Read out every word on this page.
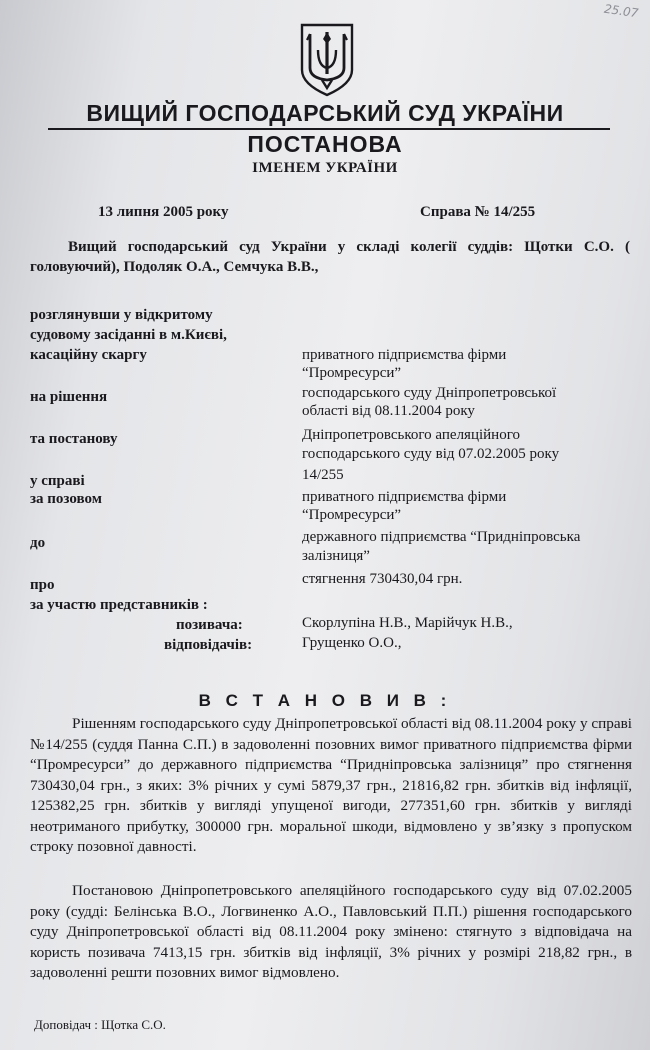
25.07
ВИЩИЙ ГОСПОДАРСЬКИЙ СУД УКРАЇНИ
ПОСТАНОВА
ІМЕНЕМ УКРАЇНИ
13 липня 2005 року	Справа № 14/255
Вищий господарський суд України у складі колегії суддів: Щотки С.О. ( головуючий), Подоляк О.А., Семчука В.В.,
розглянувши у відкритому
судовому засіданні в м.Києві,
касаційну скаргу	приватного підприємства фірми
“Промресурси”
на рішення	господарського суду Дніпропетровської
області від 08.11.2004 року
та постанову	Дніпропетровського апеляційного
господарського суду від 07.02.2005 року
у справі	14/255
за позовом	приватного підприємства фірми
“Промресурси”
до	державного підприємства “Придніпровська
залізниця”
про	стягнення 730430,04 грн.
за участю представників :
позивача:	Скорлупіна Н.В., Марійчук Н.В.,
відповідачів:	Грущенко О.О.,
В С Т А Н О В И В :
Рішенням господарського суду Дніпропетровської області від 08.11.2004 року у справі №14/255 (суддя Панна С.П.) в задоволенні позовних вимог приватного підприємства фірми “Промресурси” до державного підприємства “Придніпровська залізниця” про стягнення 730430,04 грн., з яких: 3% річних у сумі 5879,37 грн., 21816,82 грн. збитків від інфляції, 125382,25 грн. збитків у вигляді упущеної вигоди, 277351,60 грн. збитків у вигляді неотриманого прибутку, 300000 грн. моральної шкоди, відмовлено у зв’язку з пропуском строку позовної давності.
Постановою Дніпропетровського апеляційного господарського суду від 07.02.2005 року (судді: Белінська В.О., Логвиненко А.О., Павловський П.П.) рішення господарського суду Дніпропетровської області від 08.11.2004 року змінено: стягнуто з відповідача на користь позивача 7413,15 грн. збитків від інфляції, 3% річних у розмірі 218,82 грн., в задоволенні решти позовних вимог відмовлено.
Доповідач : Щотка С.О.
